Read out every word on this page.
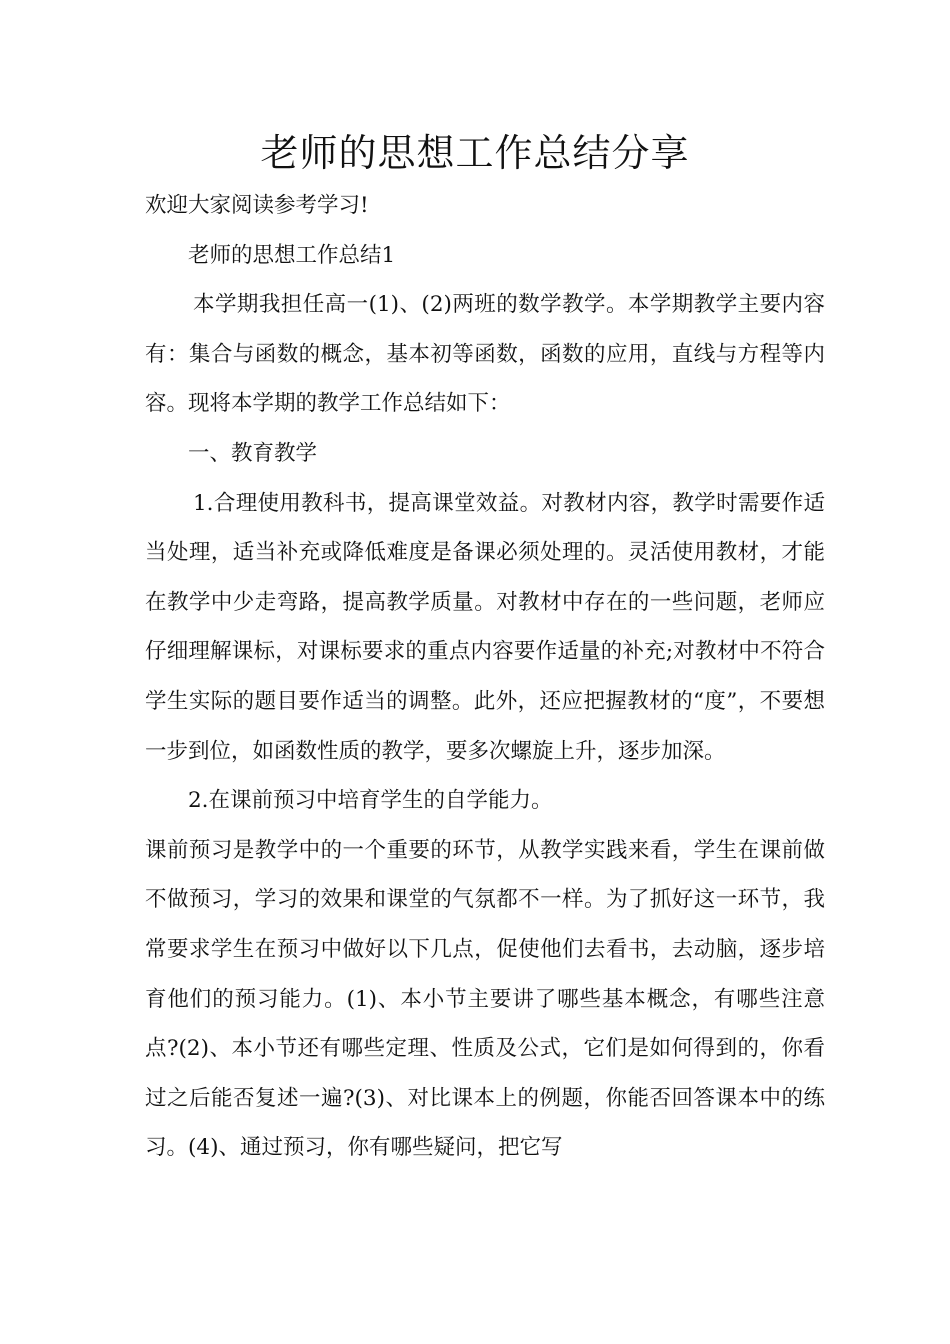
老师的思想工作总结分享

欢迎大家阅读参考学习!

老师的思想工作总结1

本学期我担任高一(1)、(2)两班的数学教学。本学期教学主要内容有：集合与函数的概念，基本初等函数，函数的应用，直线与方程等内容。现将本学期的教学工作总结如下：

一、教育教学

1.合理使用教科书，提高课堂效益。对教材内容，教学时需要作适当处理，适当补充或降低难度是备课必须处理的。灵活使用教材，才能在教学中少走弯路，提高教学质量。对教材中存在的一些问题，老师应仔细理解课标，对课标要求的重点内容要作适量的补充;对教材中不符合学生实际的题目要作适当的调整。此外，还应把握教材的“度”，不要想一步到位，如函数性质的教学，要多次螺旋上升，逐步加深。

2.在课前预习中培育学生的自学能力。

课前预习是教学中的一个重要的环节，从教学实践来看，学生在课前做不做预习，学习的效果和课堂的气氛都不一样。为了抓好这一环节，我常要求学生在预习中做好以下几点，促使他们去看书，去动脑，逐步培育他们的预习能力。(1)、本小节主要讲了哪些基本概念，有哪些注意点?(2)、本小节还有哪些定理、性质及公式，它们是如何得到的，你看过之后能否复述一遍?(3)、对比课本上的例题，你能否回答课本中的练习。(4)、通过预习，你有哪些疑问，把它写
